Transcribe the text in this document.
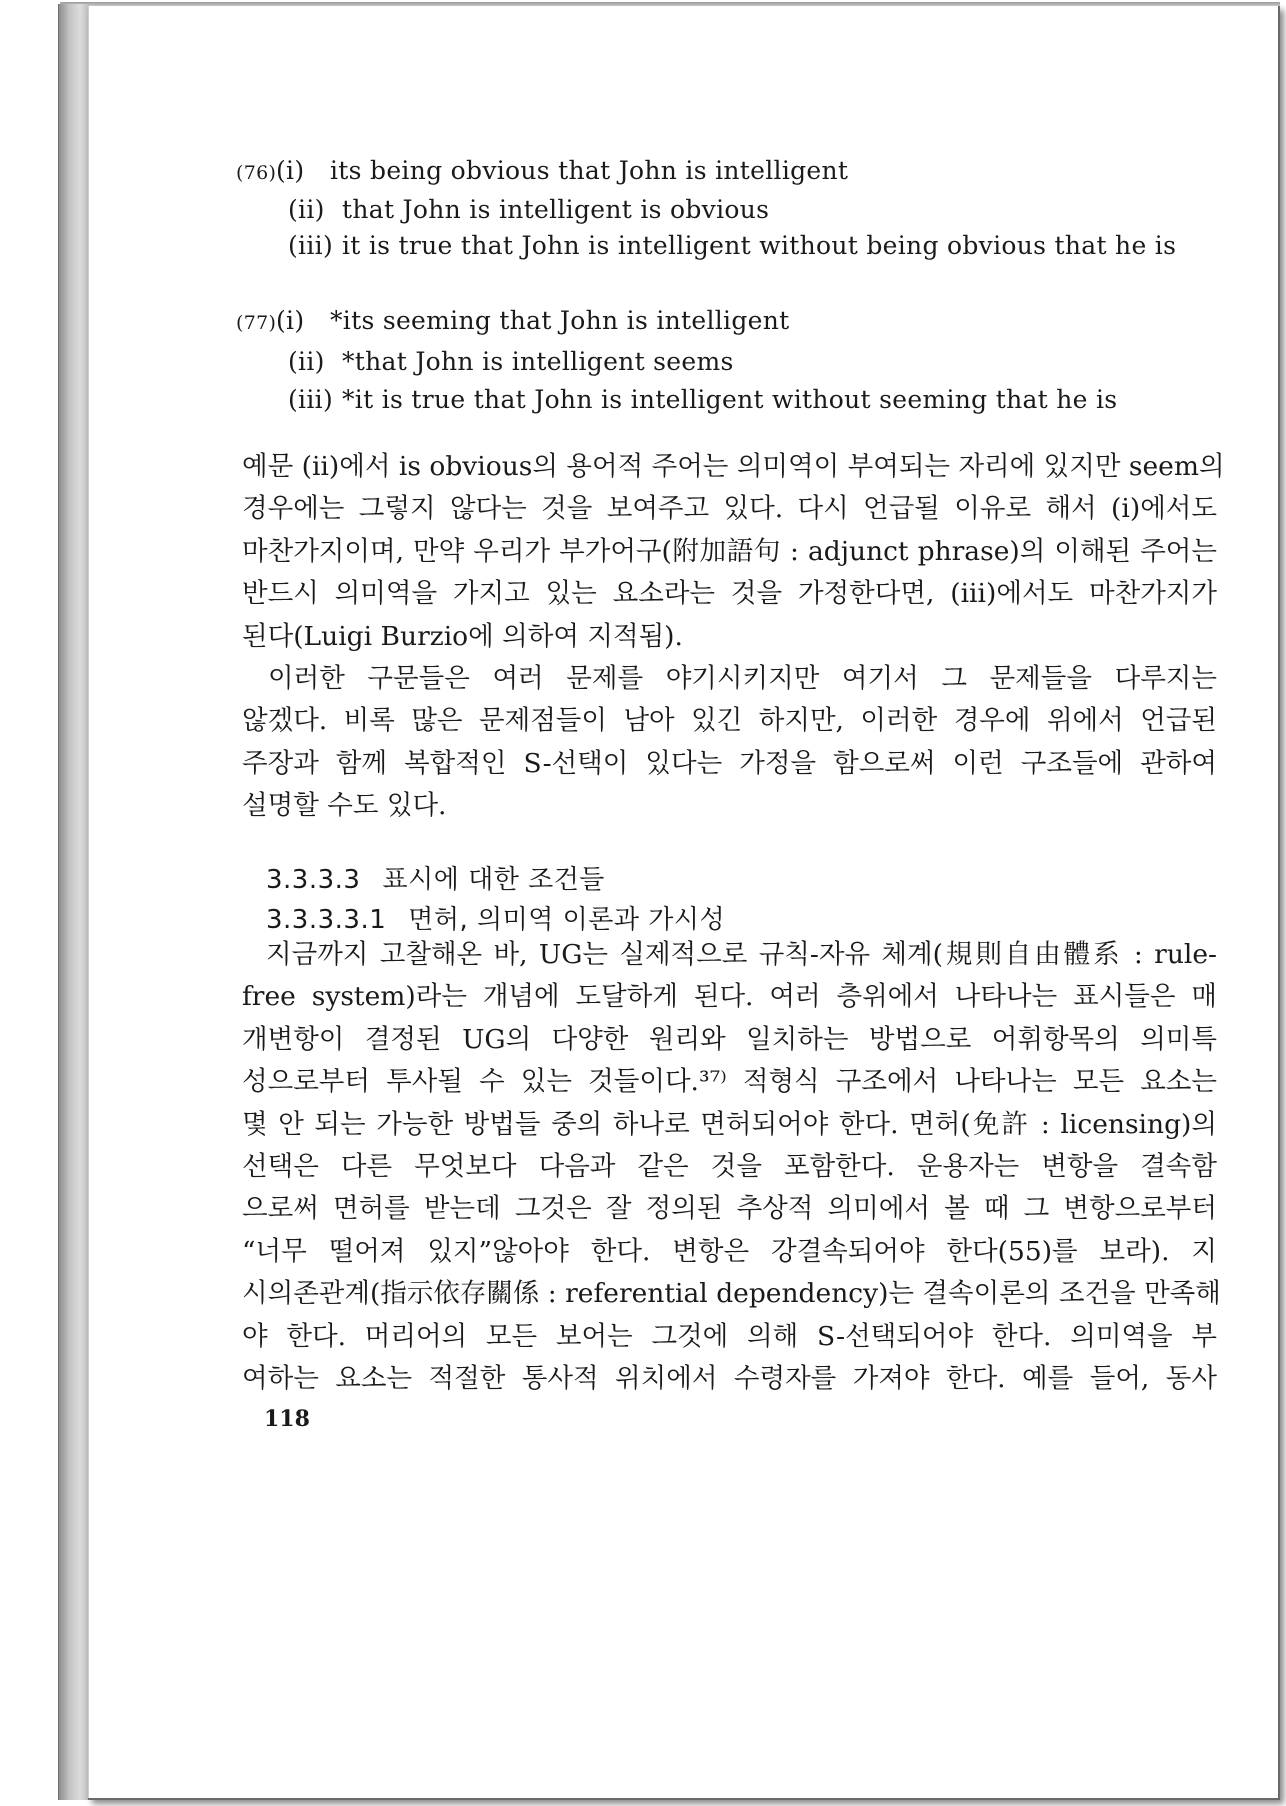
(76)(i) its being obvious that John is intelligent
(ii) that John is intelligent is obvious
(iii) it is true that John is intelligent without being obvious that he is
(77)(i) *its seeming that John is intelligent
(ii) *that John is intelligent seems
(iii) *it is true that John is intelligent without seeming that he is
예문 (ii)에서 is obvious의 용어적 주어는 의미역이 부여되는 자리에 있지만 seem의
경우에는 그렇지 않다는 것을 보여주고 있다. 다시 언급될 이유로 해서 (i)에서도
마찬가지이며, 만약 우리가 부가어구(附加語句 : adjunct phrase)의 이해된 주어는
반드시 의미역을 가지고 있는 요소라는 것을 가정한다면, (iii)에서도 마찬가지가
된다(Luigi Burzio에 의하여 지적됨).
이러한 구문들은 여러 문제를 야기시키지만 여기서 그 문제들을 다루지는
않겠다. 비록 많은 문제점들이 남아 있긴 하지만, 이러한 경우에 위에서 언급된
주장과 함께 복합적인 S-선택이 있다는 가정을 함으로써 이런 구조들에 관하여
설명할 수도 있다.
3.3.3.3 표시에 대한 조건들
3.3.3.3.1 면허, 의미역 이론과 가시성
지금까지 고찰해온 바, UG는 실제적으로 규칙-자유 체계(規則自由體系 : rule-
free system)라는 개념에 도달하게 된다. 여러 층위에서 나타나는 표시들은 매
개변항이 결정된 UG의 다양한 원리와 일치하는 방법으로 어휘항목의 의미특
성으로부터 투사될 수 있는 것들이다.³⁷⁾ 적형식 구조에서 나타나는 모든 요소는
몇 안 되는 가능한 방법들 중의 하나로 면허되어야 한다. 면허(免許 : licensing)의
선택은 다른 무엇보다 다음과 같은 것을 포함한다. 운용자는 변항을 결속함
으로써 면허를 받는데 그것은 잘 정의된 추상적 의미에서 볼 때 그 변항으로부터
“너무 떨어져 있지”않아야 한다. 변항은 강결속되어야 한다(55)를 보라). 지
시의존관계(指示依存關係 : referential dependency)는 결속이론의 조건을 만족해
야 한다. 머리어의 모든 보어는 그것에 의해 S-선택되어야 한다. 의미역을 부
여하는 요소는 적절한 통사적 위치에서 수령자를 가져야 한다. 예를 들어, 동사
118
